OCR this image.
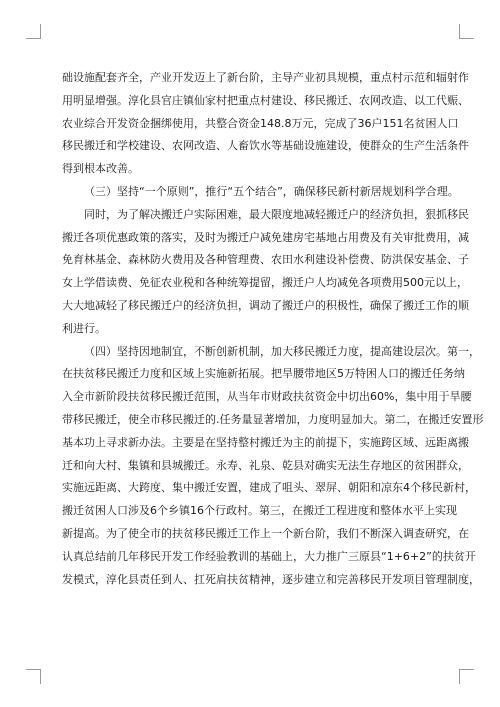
础设施配套齐全，产业开发迈上了新台阶，主导产业初具规模，重点村示范和辐射作
用明显增强。淳化县官庄镇仙家村把重点村建设、移民搬迁、农网改造、以工代赈、
农业综合开发资金捆绑使用，共整合资金148.8万元，完成了36户151名贫困人口
移民搬迁和学校建设、农网改造、人畜饮水等基础设施建设，使群众的生产生活条件
得到根本改善。
（三）坚持“一个原则”，推行“五个结合”，确保移民新村新居规划科学合理。
同时，为了解决搬迁户实际困难，最大限度地减轻搬迁户的经济负担，狠抓移民
搬迁各项优惠政策的落实，及时为搬迁户减免建房宅基地占用费及有关审批费用，减
免育林基金、森林防火费用及各种管理费、农田水利建设补偿费、防洪保安基金、子
女上学借读费、免征农业税和各种统筹提留，搬迁户人均减免各项费用500元以上，
大大地减轻了移民搬迁户的经济负担，调动了搬迁户的积极性，确保了搬迁工作的顺
利进行。
（四）坚持因地制宜，不断创新机制，加大移民搬迁力度，提高建设层次。第一，
在扶贫移民搬迁力度和区域上实施新拓展。把旱腰带地区5万特困人口的搬迁任务纳
入全市新阶段扶贫移民搬迁范围，从当年市财政扶贫资金中切出60%，集中用于旱腰
带移民搬迁，使全市移民搬迁的.任务量显著增加，力度明显加大。第二，在搬迁安置形
基本功上寻求新办法。主要是在坚持整村搬迁为主的前提下，实施跨区域、远距离搬
迁和向大村、集镇和县城搬迁。永寿、礼泉、乾县对确实无法生存地区的贫困群众，
实施远距离、大跨度、集中搬迁安置，建成了咀头、翠屏、朝阳和凉东4个移民新村，
搬迁贫困人口涉及6个乡镇16个行政村。第三，在搬迁工程进度和整体水平上实现
新提高。为了使全市的扶贫移民搬迁工作上一个新台阶，我们不断深入调查研究，在
认真总结前几年移民开发工作经验教训的基础上，大力推广三原县“1+6+2”的扶贫开
发模式，淳化县责任到人、扛死肩扶贫精神，逐步建立和完善移民开发项目管理制度，
